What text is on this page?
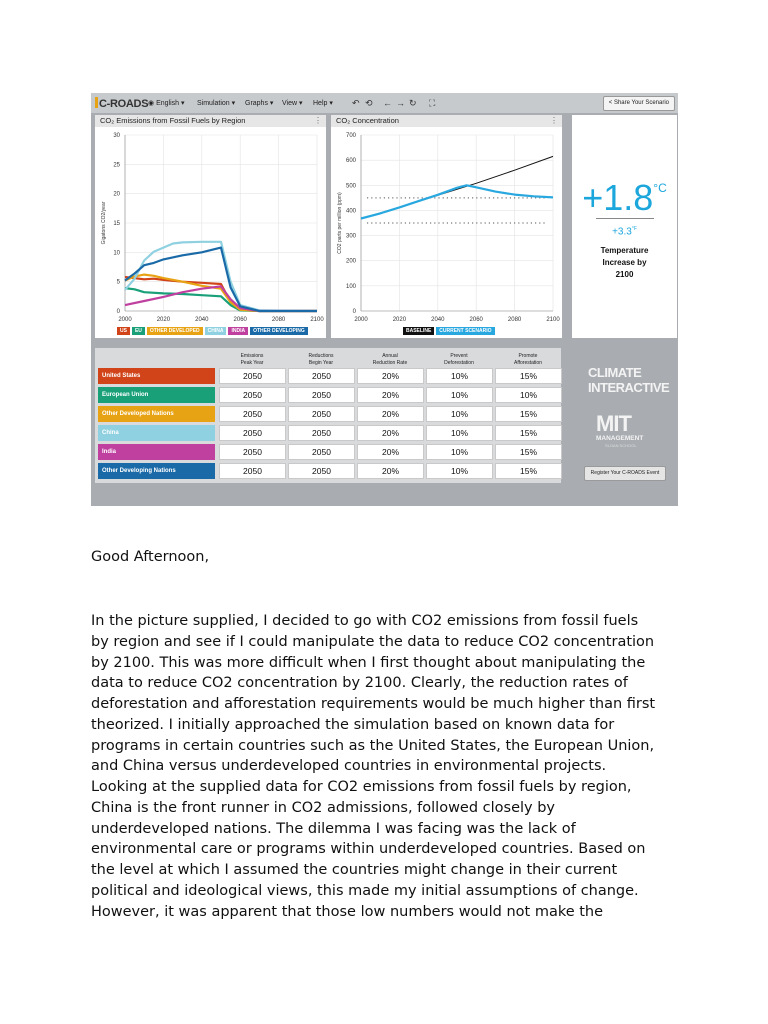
C-ROADS ◉ English ▾ Simulation ▾ Graphs ▾ View ▾ Help ▾ ↶ ⟲ ← → ↻ ⛶	< Share Your Scenario
CO₂ Emissions from Fossil Fuels by Region	⋮
0
5
10
15
20
25
30
2000	2020	2040	2060	2080	2100
Gigatons CO2/year
US EU OTHER DEVELOPED CHINA INDIA OTHER DEVELOPING
CO₂ Concentration	⋮
0
100
200
300
400
500
600
700
2000	2020	2040	2060	2080	2100
CO2 parts per million (ppm)
BASELINE CURRENT SCENARIO
$+1.8^{^\circ C}$
$+3.3^{^\circ F}$
Temperature
Increase by
2100
Emissions
Peak Year
Reductions
Begin Year
Annual
Reduction Rate
Prevent
Deforestation
Promote
Afforestation
United States	2050	2050	20%	10%	15%
European Union	2050	2050	20%	10%	10%
Other Developed Nations	2050	2050	20%	10%	15%
China	2050	2050	20%	10%	15%
India	2050	2050	20%	10%	15%
Other Developing Nations	2050	2050	20%	10%	15%
CLIMATE
INTERACTIVE
MIT
MANAGEMENT
SLOAN SCHOOL
Register Your C-ROADS Event
Good Afternoon,
In the picture supplied, I decided to go with CO2 emissions from fossil fuels
by region and see if I could manipulate the data to reduce CO2 concentration
by 2100. This was more difficult when I first thought about manipulating the
data to reduce CO2 concentration by 2100. Clearly, the reduction rates of
deforestation and afforestation requirements would be much higher than first
theorized. I initially approached the simulation based on known data for
programs in certain countries such as the United States, the European Union,
and China versus underdeveloped countries in environmental projects.
Looking at the supplied data for CO2 emissions from fossil fuels by region,
China is the front runner in CO2 admissions, followed closely by
underdeveloped nations. The dilemma I was facing was the lack of
environmental care or programs within underdeveloped countries. Based on
the level at which I assumed the countries might change in their current
political and ideological views, this made my initial assumptions of change.
However, it was apparent that those low numbers would not make the
